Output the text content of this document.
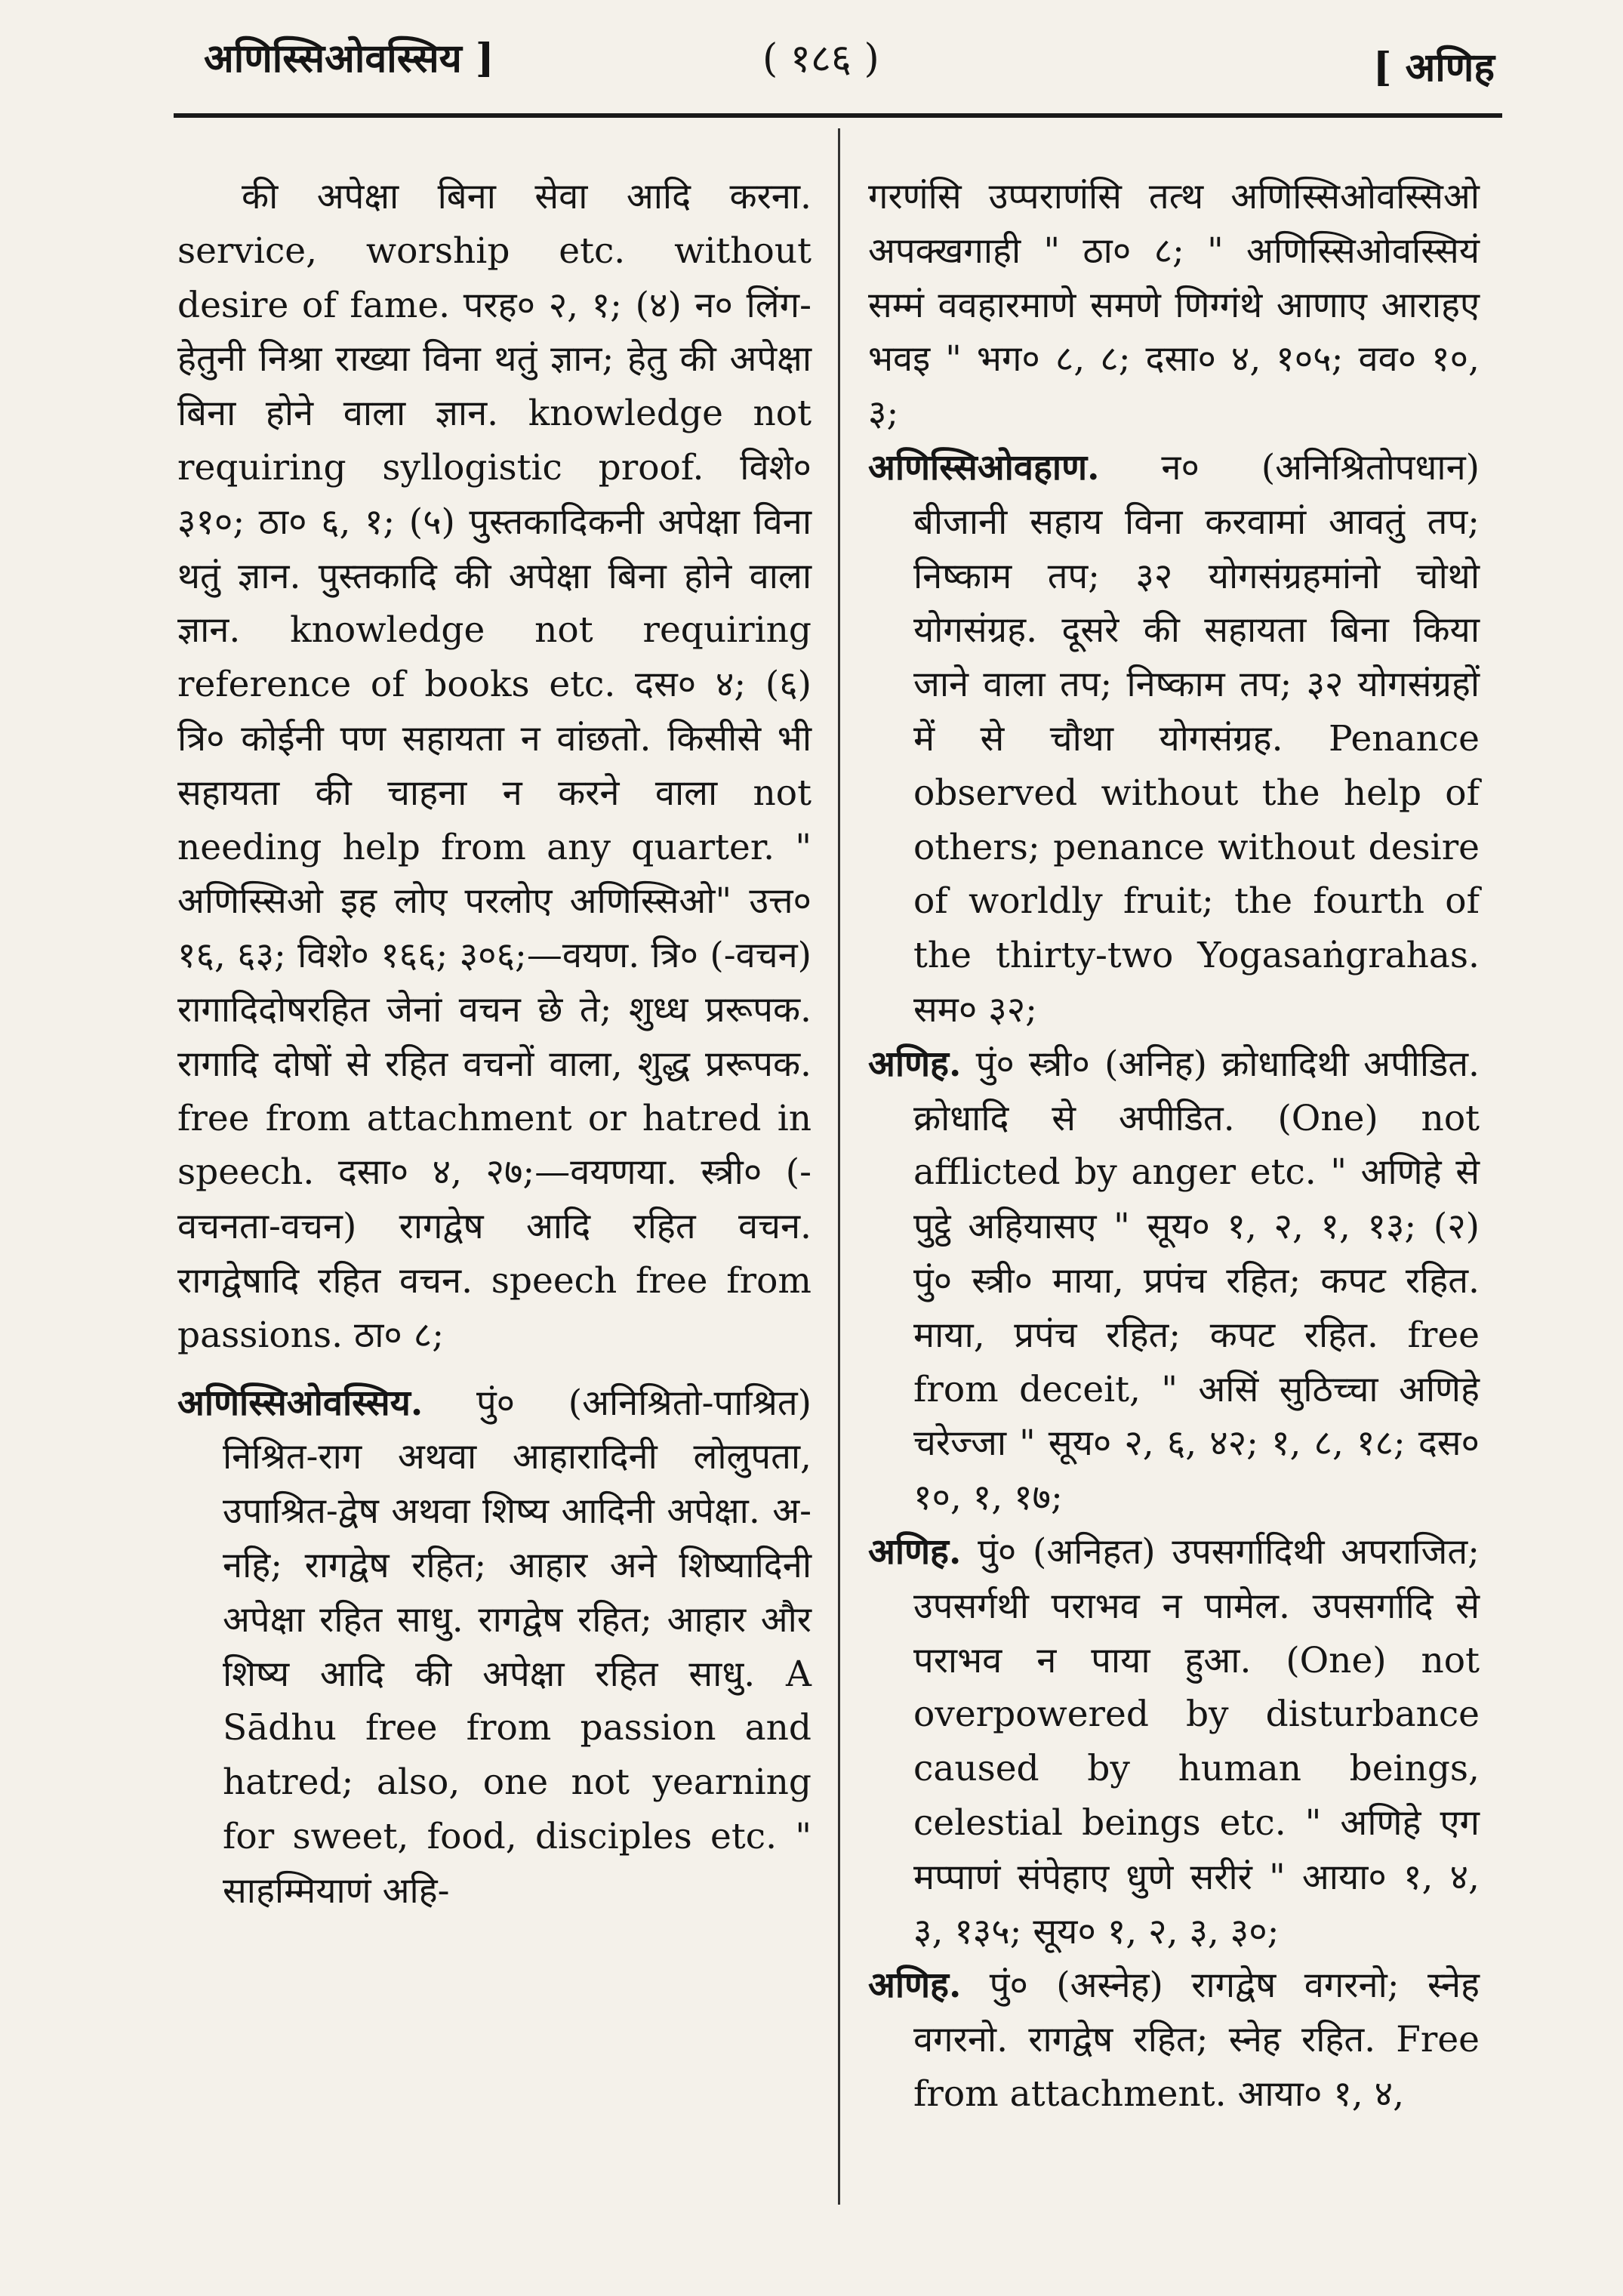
अणिस्सिओवस्सिय ]	( १८६ )	[ अणिह

की अपेक्षा बिना सेवा आदि करना. service, worship etc. without desire of fame. परह० २, १; (४) न० लिंग-हेतुनी निश्रा राख्या विना थतुं ज्ञान; हेतु की अपेक्षा बिना होने वाला ज्ञान. knowledge not requiring syllogistic proof. विशे० ३१०; ठा० ६, १; (५) पुस्तकादिकनी अपेक्षा विना थतुं ज्ञान. पुस्तकादि की अपेक्षा बिना होने वाला ज्ञान. knowledge not requiring reference of books etc. दस० ४; (६) त्रि० कोईनी पण सहायता न वांछतो. किसीसे भी सहायता की चाहना न करने वाला not needing help from any quarter. " अणिस्सिओ इह लोए परलोए अणिस्सिओ" उत्त० १६, ६३; विशे० १६६; ३०६;—वयण. त्रि० (-वचन) रागादिदोषरहित जेनां वचन छे ते; शुध्ध प्ररूपक. रागादि दोषों से रहित वचनों वाला, शुद्ध प्ररूपक. free from attachment or hatred in speech. दसा० ४, २७;—वयणया. स्त्री० (-वचनता-वचन) रागद्वेष आदि रहित वचन. रागद्वेषादि रहित वचन. speech free from passions. ठा० ८;

अणिस्सिओवस्सिय. पुं० (अनिश्रितो-पाश्रित) निश्रित-राग अथवा आहारादिनी लोलुपता, उपाश्रित-द्वेष अथवा शिष्य आदिनी अपेक्षा. अ-नहि; रागद्वेष रहित; आहार अने शिष्यादिनी अपेक्षा रहित साधु. रागद्वेष रहित; आहार और शिष्य आदि की अपेक्षा रहित साधु. A Sādhu free from passion and hatred; also, one not yearning for sweet, food, disciples etc. " साहम्मियाणं अहि-

गरणंसि उप्पराणंसि तत्थ अणिस्सिओवस्सिओ अपक्खगाही " ठा० ८; " अणिस्सिओवस्सियं सम्मं ववहारमाणे समणे णिग्गंथे आणाए आराहए भवइ " भग० ८, ८; दसा० ४, १०५; वव० १०, ३;

अणिस्सिओवहाण. न० (अनिश्रितोपधान) बीजानी सहाय विना करवामां आवतुं तप; निष्काम तप; ३२ योगसंग्रहमांनो चोथो योगसंग्रह. दूसरे की सहायता बिना किया जाने वाला तप; निष्काम तप; ३२ योगसंग्रहों में से चौथा योगसंग्रह. Penance observed without the help of others; penance without desire of worldly fruit; the fourth of the thirty-two Yogasaṅgrahas. सम० ३२;

अणिह. पुं० स्त्री० (अनिह) क्रोधादिथी अपीडित. क्रोधादि से अपीडित. (One) not afflicted by anger etc. " अणिहे से पुट्ठे अहियासए " सूय० १, २, १, १३; (२) पुं० स्त्री० माया, प्रपंच रहित; कपट रहित. माया, प्रपंच रहित; कपट रहित. free from deceit, " असिं सुठिच्चा अणिहे चरेज्जा " सूय० २, ६, ४२; १, ८, १८; दस० १०, १, १७;

अणिह. पुं० (अनिहत) उपसर्गादिथी अपराजित; उपसर्गथी पराभव न पामेल. उपसर्गादि से पराभव न पाया हुआ. (One) not overpowered by disturbance caused by human beings, celestial beings etc. " अणिहे एग मप्पाणं संपेहाए धुणे सरीरं " आया० १, ४, ३, १३५; सूय० १, २, ३, ३०;

अणिह. पुं० (अस्नेह) रागद्वेष वगरनो; स्नेह वगरनो. रागद्वेष रहित; स्नेह रहित. Free from attachment. आया० १, ४,
